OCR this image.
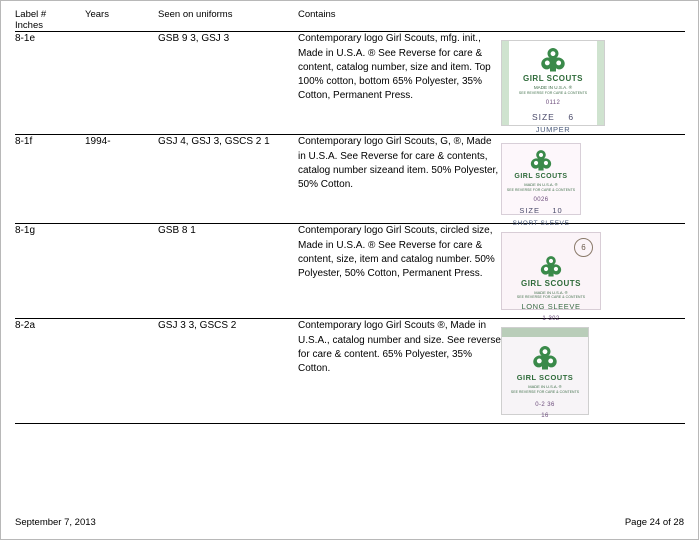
Label #
Inches	Years	Seen on uniforms	Contains	
8-1e		GSB 9 3, GSJ 3	Contemporary logo Girl Scouts, mfg. init., Made in U.S.A. ® See Reverse for care & content, catalog number, size and item. Top 100% cotton, bottom 65% Polyester, 35% Cotton, Permanent Press.	
GIRL SCOUTS
MADE IN U.S.A. ®
SEE REVERSE FOR CARE & CONTENTS
0112
SIZE 6
JUMPER

8-1f	1994-	GSJ 4, GSJ 3, GSCS 2 1	Contemporary logo Girl Scouts, G, ®, Made in U.S.A. See Reverse for care & contents, catalog number sizeand item. 50% Polyester, 50% Cotton.	
GIRL SCOUTS
MADE IN U.S.A. ®
SEE REVERSE FOR CARE & CONTENTS
0026
SIZE 10
SHORT SLEEVE

8-1g		GSB 8 1	Contemporary logo Girl Scouts, circled size, Made in U.S.A. ® See Reverse for care & content, size, item and catalog number. 50% Polyester, 50% Cotton, Permanent Press.	
6
GIRL SCOUTS
MADE IN U.S.A. ®
SEE REVERSE FOR CARE & CONTENTS
LONG SLEEVE
1-302

8-2a		GSJ 3 3, GSCS 2	Contemporary logo Girl Scouts ®, Made in U.S.A., catalog number and size. See reverse for care & content. 65% Polyester, 35% Cotton.	GIRL SCOUTS
MADE IN U.S.A. ®
SEE REVERSE FOR CARE & CONTENTS
0-2 36
16
September 7, 2013	Page 24 of 28
